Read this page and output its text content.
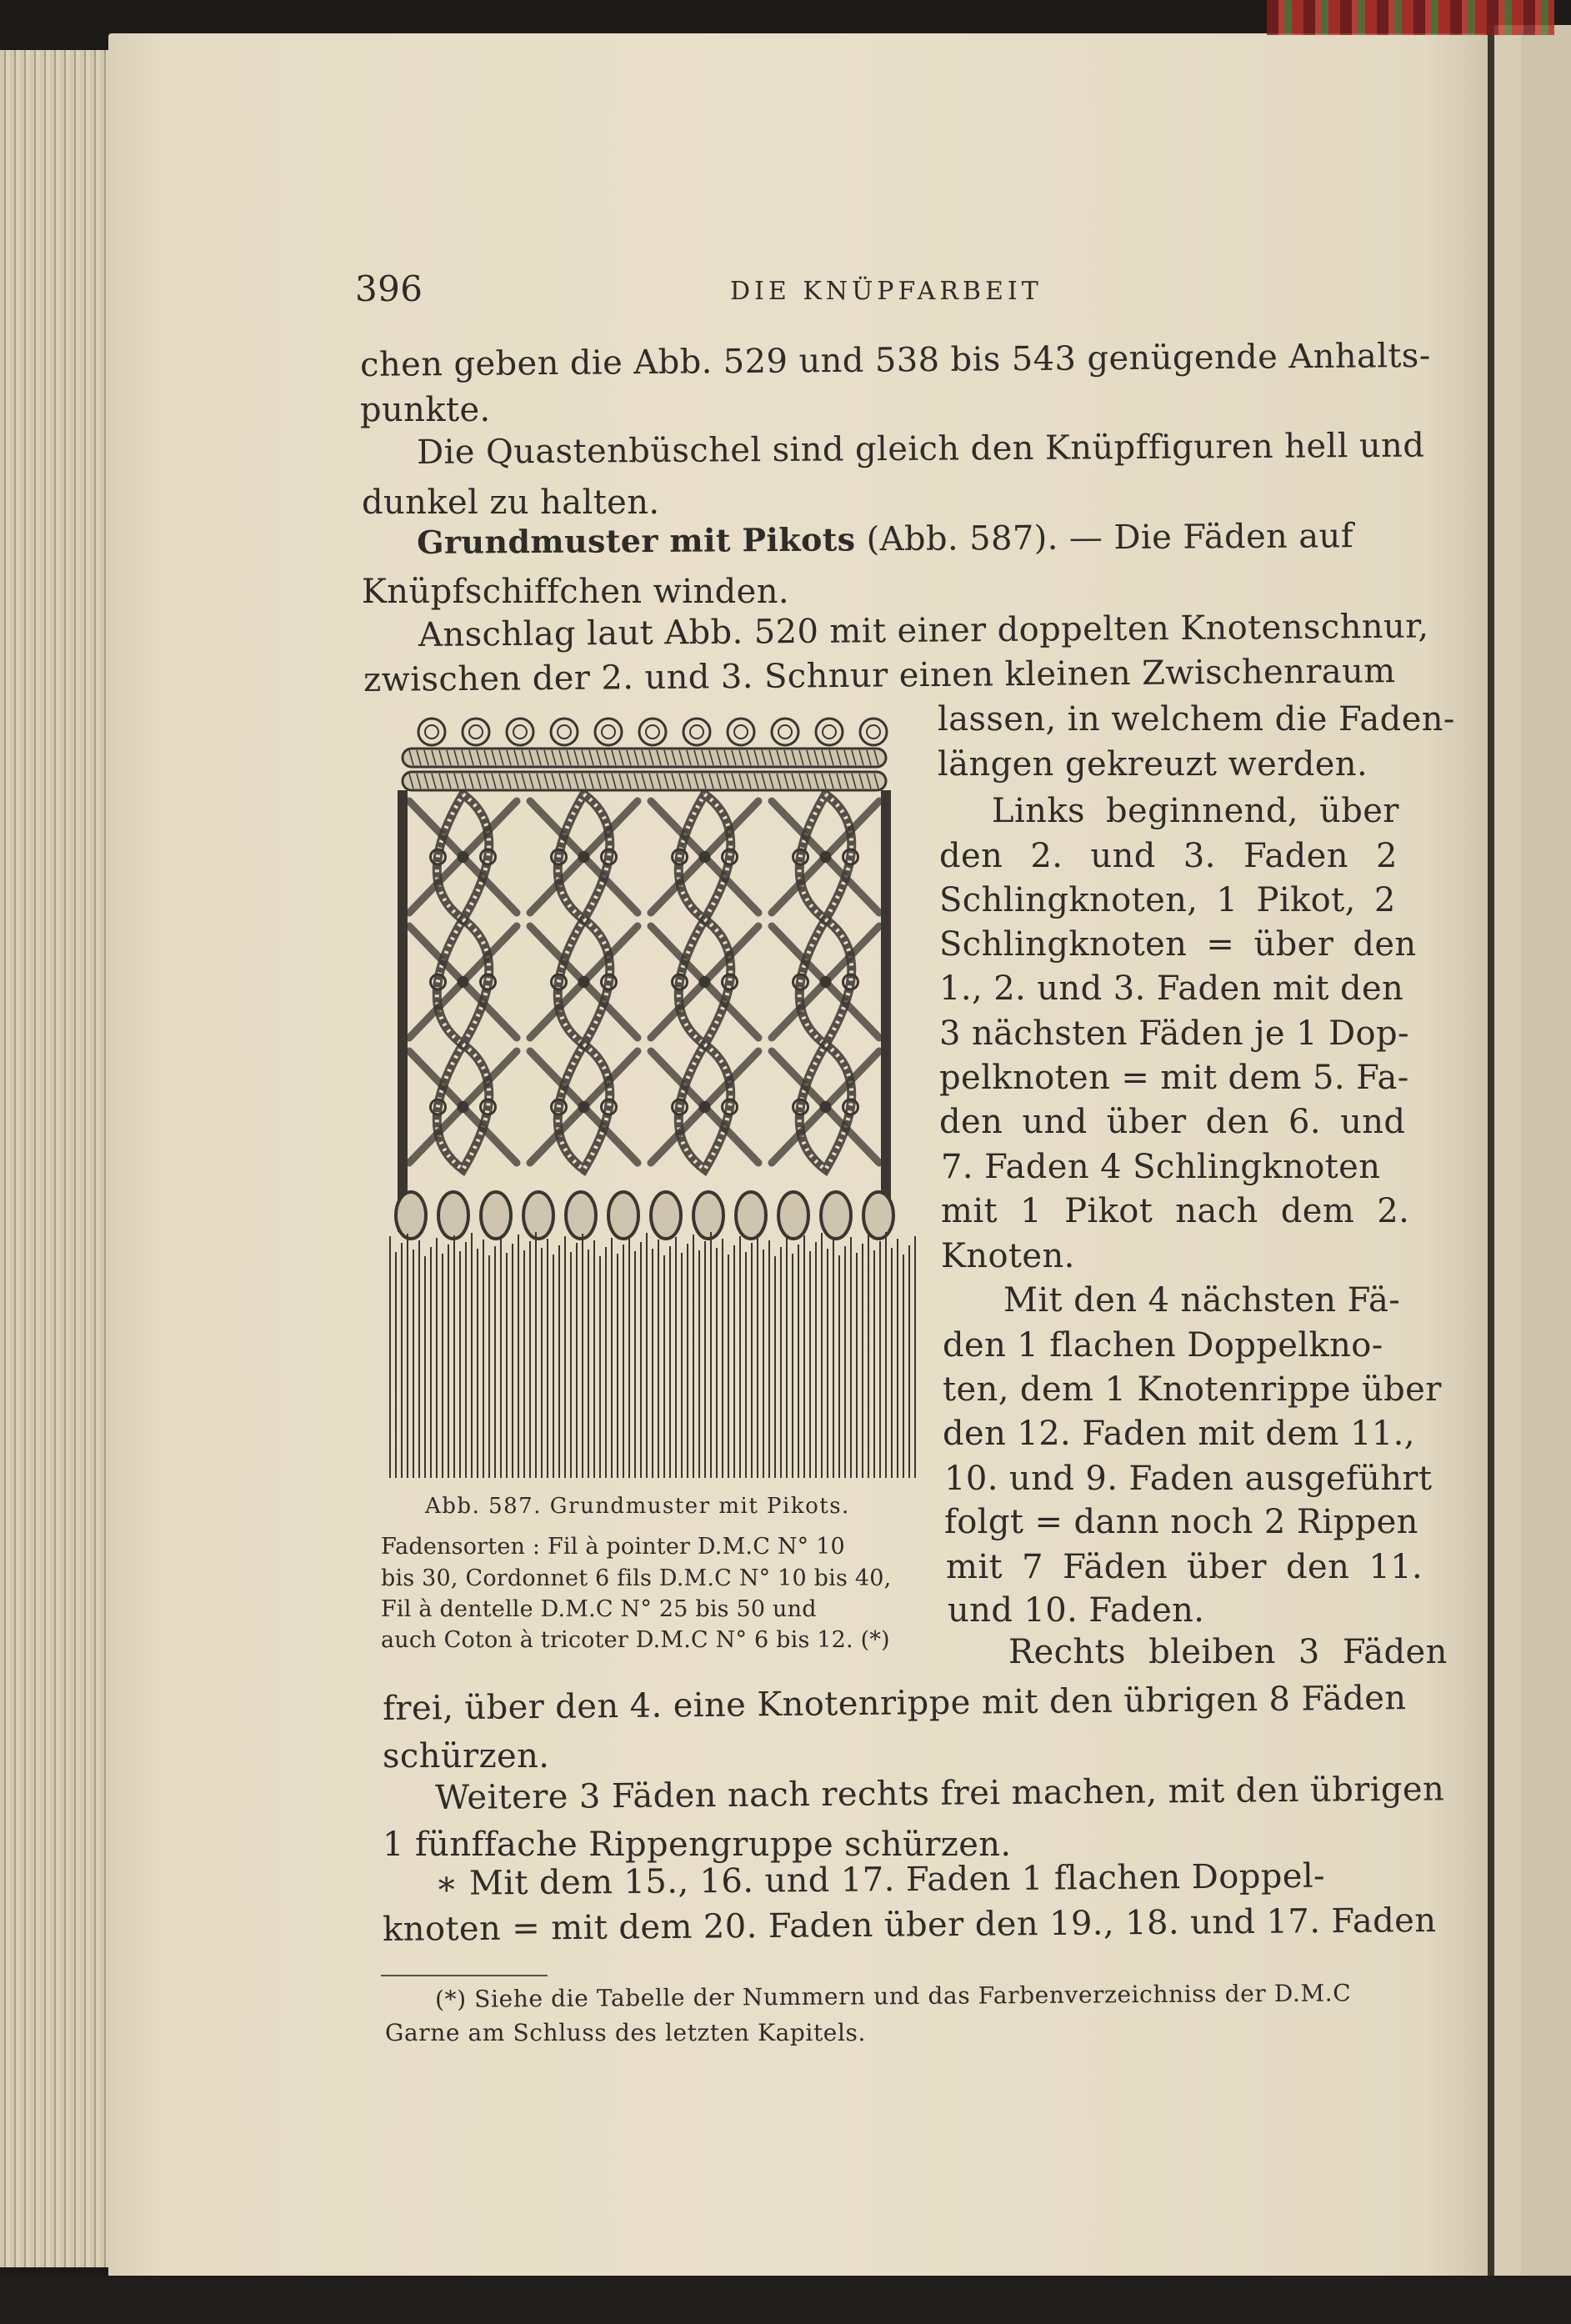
396	DIE KNÜPFARBEIT
chen geben die Abb. 529 und 538 bis 543 genügende Anhalts-
punkte.
Die Quastenbüschel sind gleich den Knüpffiguren hell und
dunkel zu halten.
Grundmuster mit Pikots (Abb. 587). — Die Fäden auf
Knüpfschiffchen winden.
Anschlag laut Abb. 520 mit einer doppelten Knotenschnur,
zwischen der 2. und 3. Schnur einen kleinen Zwischenraum
lassen, in welchem die Faden-
längen gekreuzt werden.
Links beginnend, über
den 2. und 3. Faden 2
Schlingknoten, 1 Pikot, 2
Schlingknoten = über den
1., 2. und 3. Faden mit den
3 nächsten Fäden je 1 Dop-
pelknoten = mit dem 5. Fa-
den und über den 6. und
7. Faden 4 Schlingknoten
mit 1 Pikot nach dem 2.
Knoten.
Mit den 4 nächsten Fä-
den 1 flachen Doppelkno-
ten, dem 1 Knotenrippe über
den 12. Faden mit dem 11.,
10. und 9. Faden ausgeführt
folgt = dann noch 2 Rippen
mit 7 Fäden über den 11.
und 10. Faden.
Rechts bleiben 3 Fäden
Abb. 587. Grundmuster mit Pikots.
Fadensorten : Fil à pointer D.M.C N° 10
bis 30, Cordonnet 6 fils D.M.C N° 10 bis 40,
Fil à dentelle D.M.C N° 25 bis 50 und
auch Coton à tricoter D.M.C N° 6 bis 12. (*)
frei, über den 4. eine Knotenrippe mit den übrigen 8 Fäden
schürzen.
Weitere 3 Fäden nach rechts frei machen, mit den übrigen
1 fünffache Rippengruppe schürzen.
∗ Mit dem 15., 16. und 17. Faden 1 flachen Doppel-
knoten = mit dem 20. Faden über den 19., 18. und 17. Faden
(*) Siehe die Tabelle der Nummern und das Farbenverzeichniss der D.M.C
Garne am Schluss des letzten Kapitels.
